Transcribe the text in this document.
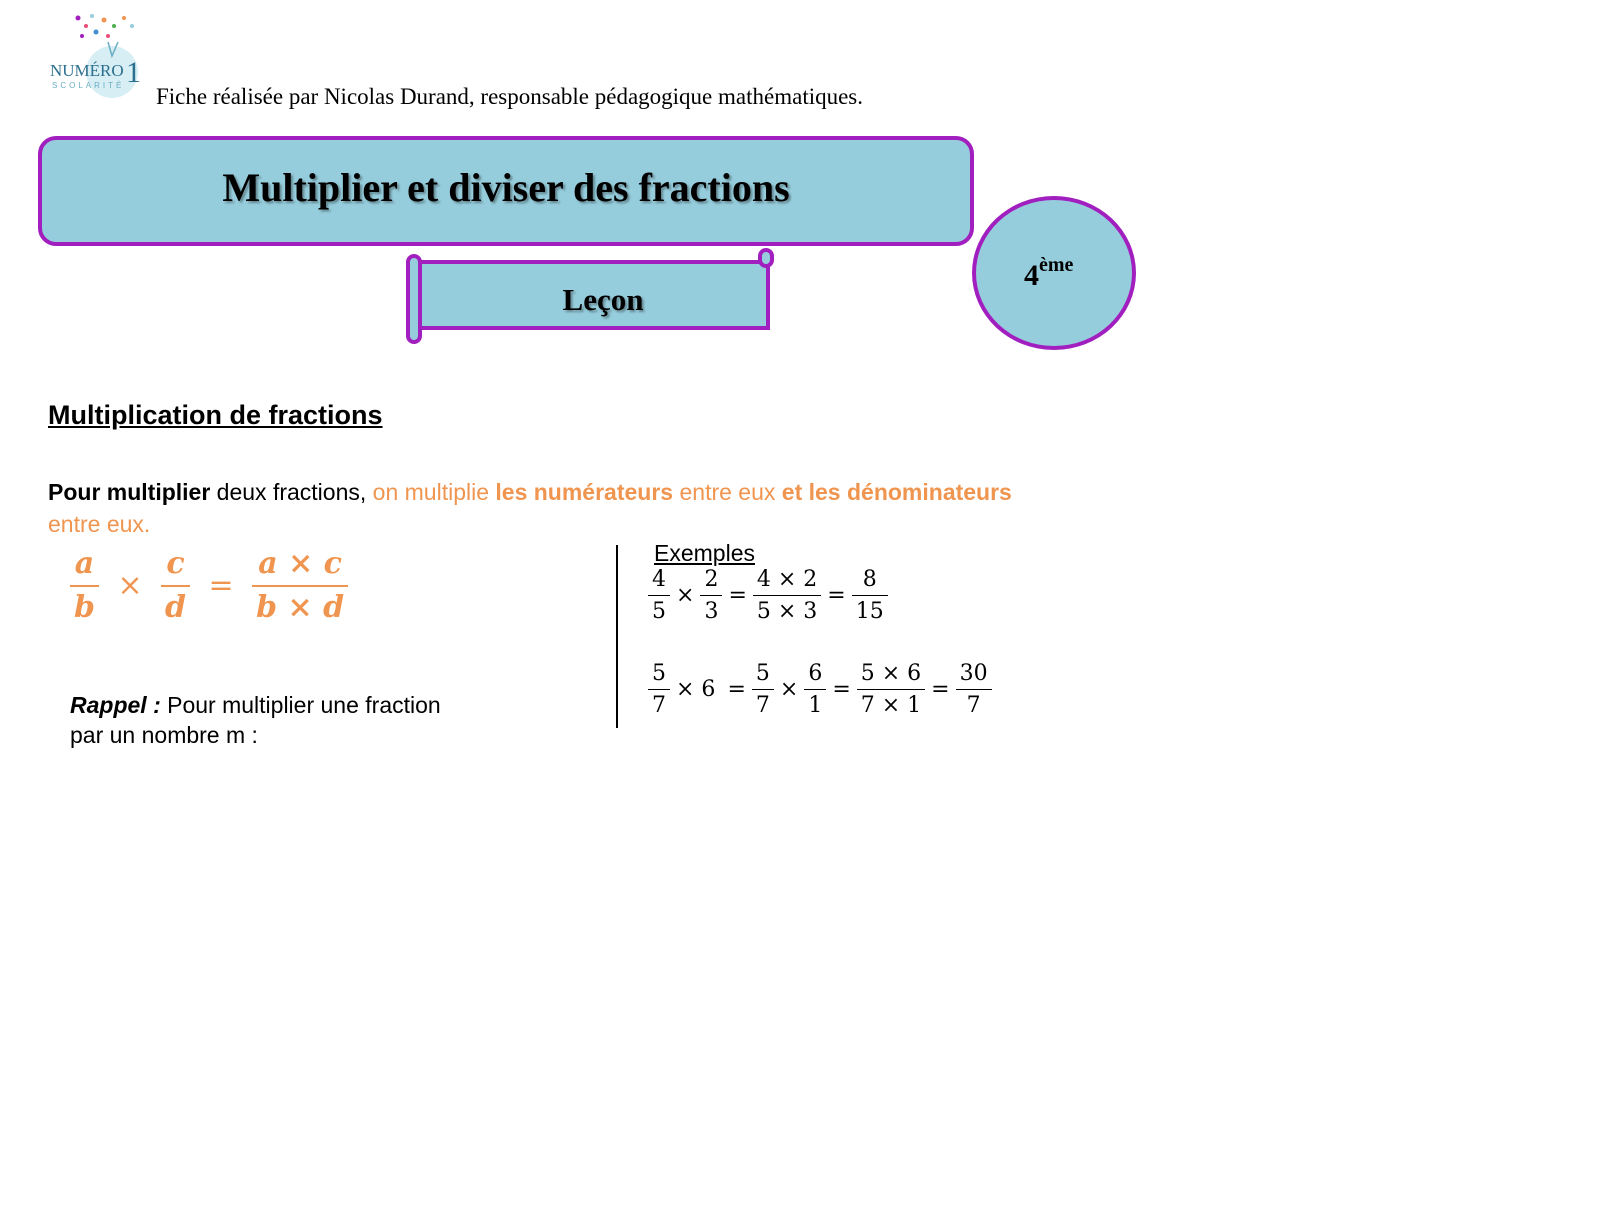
NUMÉRO 1
SCOLARITÉ Fiche réalisée par Nicolas Durand, responsable pédagogique mathématiques.
Multiplier et diviser des fractions
Leçon
4ème
Multiplication de fractions
Pour multiplier deux fractions, on multiplie les numérateurs entre eux et les dénominateurs
entre eux.
$\frac{a}{b} \times \frac{c}{d} = \frac{a \times c}{b \times d}$
Rappel : Pour multiplier une fraction
par un nombre m :
Exemples
$\frac{4}{5} \times \frac{2}{3} = \frac{4 \times 2}{5 \times 3} = \frac{8}{15}$
$\frac{5}{7} \times 6 = \frac{5}{7} \times \frac{6}{1} = \frac{5 \times 6}{7 \times 1} = \frac{30}{7}$
